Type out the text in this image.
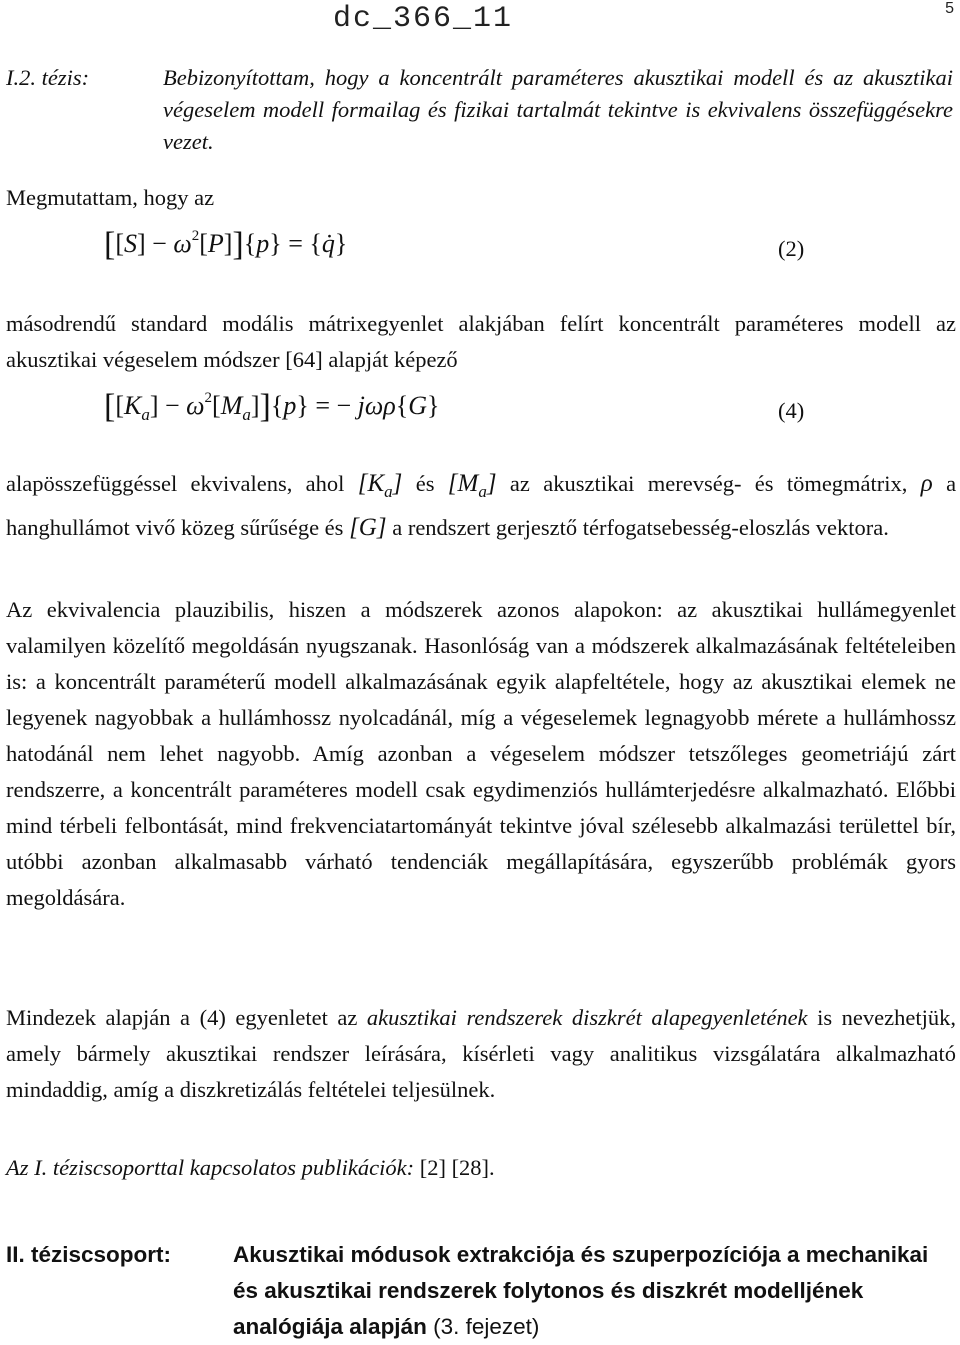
dc_366_11	5
I.2. tézis:	Bebizonyítottam, hogy a koncentrált paraméteres akusztikai modell és az akusztikai végeselem modell formailag és fizikai tartalmát tekintve is ekvivalens összefüggésekre vezet.
Megmutattam, hogy az
$[[S] - \omega^2[P]]\{p\}$ = {q̇}	(2)
másodrendű standard modális mátrixegyenlet alakjában felírt koncentrált paraméteres modell az akusztikai végeselem módszer [64] alapját képező
$[[K_a] - \omega^2[M_a]]\{p\}$ = − jωρ{G}	(4)
alapösszefüggéssel ekvivalens, ahol $[K_a]$ és $[M_a]$ az akusztikai merevség- és tömegmátrix, ρ a hanghullámot vivő közeg sűrűsége és [G] a rendszert gerjesztő térfogatsebesség-eloszlás vektora.
Az ekvivalencia plauzibilis, hiszen a módszerek azonos alapokon: az akusztikai hullámegyenlet valamilyen közelítő megoldásán nyugszanak. Hasonlóság van a módszerek alkalmazásának feltételeiben is: a koncentrált paraméterű modell alkalmazásának egyik alapfeltétele, hogy az akusztikai elemek ne legyenek nagyobbak a hullámhossz nyolcadánál, míg a végeselemek legnagyobb mérete a hullámhossz hatodánál nem lehet nagyobb. Amíg azonban a végeselem módszer tetszőleges geometriájú zárt rendszerre, a koncentrált paraméteres modell csak egydimenziós hullámterjedésre alkalmazható. Előbbi mind térbeli felbontását, mind frekvenciatartományát tekintve jóval szélesebb alkalmazási területtel bír, utóbbi azonban alkalmasabb várható tendenciák megállapítására, egyszerűbb problémák gyors megoldására.
Mindezek alapján a (4) egyenletet az akusztikai rendszerek diszkrét alapegyenletének is nevezhetjük, amely bármely akusztikai rendszer leírására, kísérleti vagy analitikus vizsgálatára alkalmazható mindaddig, amíg a diszkretizálás feltételei teljesülnek.
Az I. téziscsoporttal kapcsolatos publikációk: [2] [28].
II. téziscsoport:	Akusztikai módusok extrakciója és szuperpozíciója a mechanikai és akusztikai rendszerek folytonos és diszkrét modelljének analógiája alapján (3. fejezet)
